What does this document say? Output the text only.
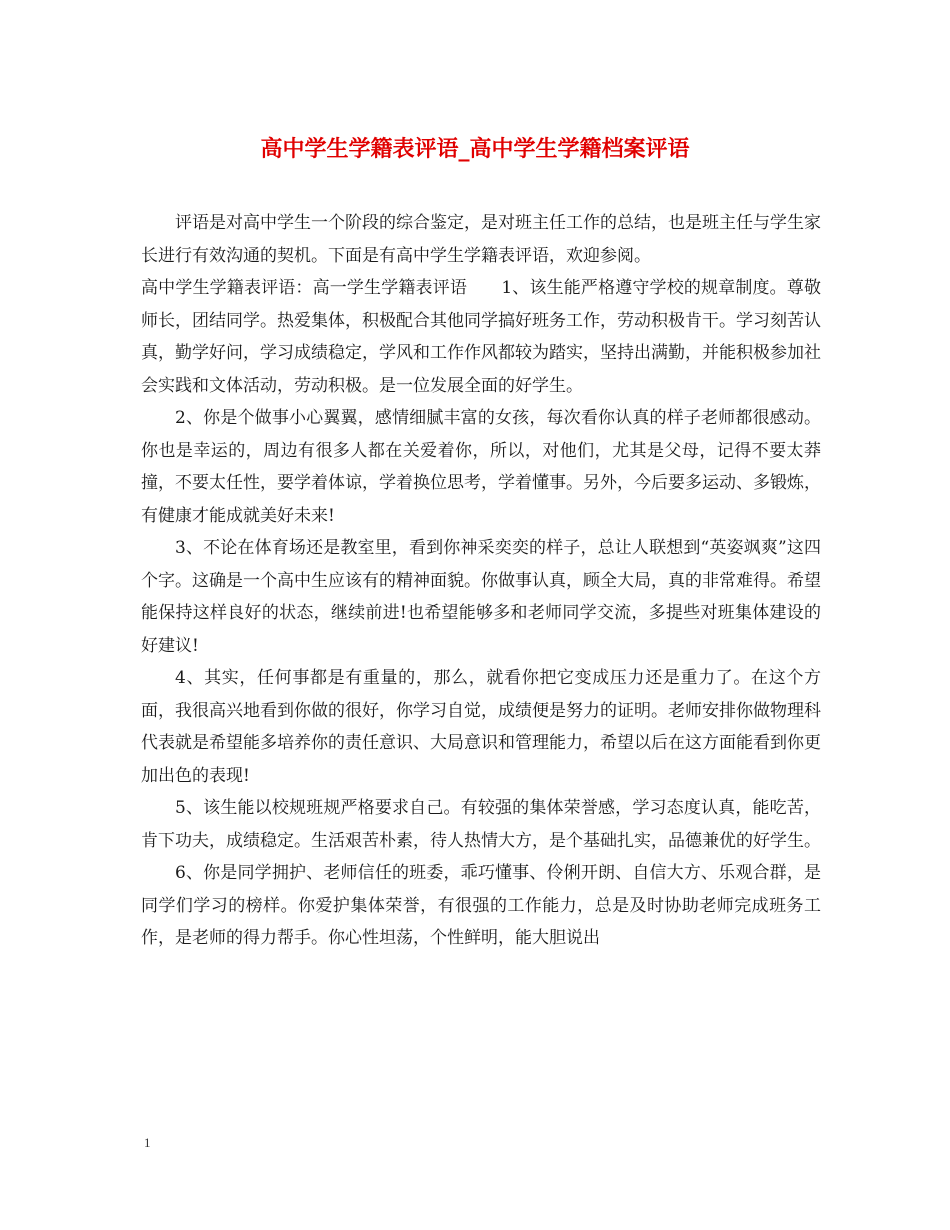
高中学生学籍表评语_高中学生学籍档案评语

评语是对高中学生一个阶段的综合鉴定，是对班主任工作的总结，也是班主任与学生家长进行有效沟通的契机。下面是有高中学生学籍表评语，欢迎参阅。

高中学生学籍表评语：高一学生学籍表评语　　1、该生能严格遵守学校的规章制度。尊敬师长，团结同学。热爱集体，积极配合其他同学搞好班务工作，劳动积极肯干。学习刻苦认真，勤学好问，学习成绩稳定，学风和工作作风都较为踏实，坚持出满勤，并能积极参加社会实践和文体活动，劳动积极。是一位发展全面的好学生。

2、你是个做事小心翼翼，感情细腻丰富的女孩，每次看你认真的样子老师都很感动。你也是幸运的，周边有很多人都在关爱着你，所以，对他们，尤其是父母，记得不要太莽撞，不要太任性，要学着体谅，学着换位思考，学着懂事。另外，今后要多运动、多锻炼，有健康才能成就美好未来!

3、不论在体育场还是教室里，看到你神采奕奕的样子，总让人联想到“英姿飒爽”这四个字。这确是一个高中生应该有的精神面貌。你做事认真，顾全大局，真的非常难得。希望能保持这样良好的状态，继续前进!也希望能够多和老师同学交流，多提些对班集体建设的好建议!

4、其实，任何事都是有重量的，那么，就看你把它变成压力还是重力了。在这个方面，我很高兴地看到你做的很好，你学习自觉，成绩便是努力的证明。老师安排你做物理科代表就是希望能多培养你的责任意识、大局意识和管理能力，希望以后在这方面能看到你更加出色的表现!

5、该生能以校规班规严格要求自己。有较强的集体荣誉感，学习态度认真，能吃苦，肯下功夫，成绩稳定。生活艰苦朴素，待人热情大方，是个基础扎实，品德兼优的好学生。

6、你是同学拥护、老师信任的班委，乖巧懂事、伶俐开朗、自信大方、乐观合群，是同学们学习的榜样。你爱护集体荣誉，有很强的工作能力，总是及时协助老师完成班务工作，是老师的得力帮手。你心性坦荡，个性鲜明，能大胆说出

1
